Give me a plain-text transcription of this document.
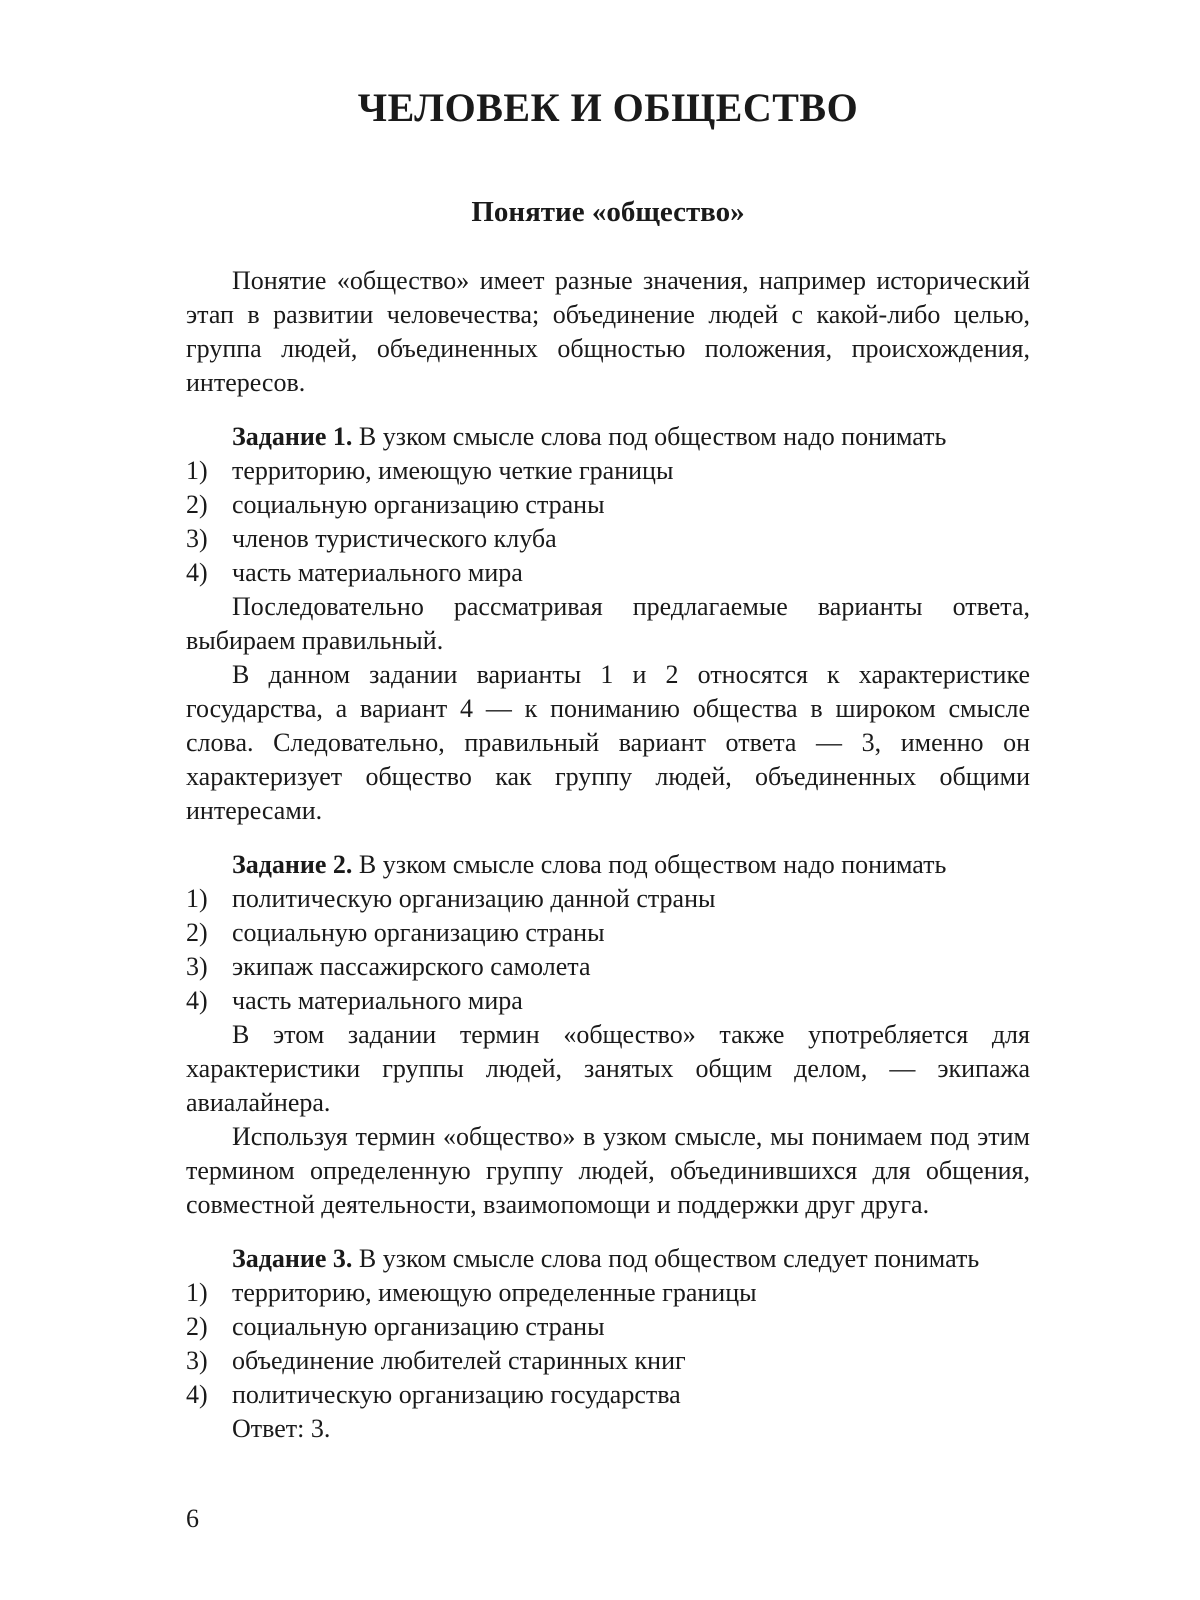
ЧЕЛОВЕК И ОБЩЕСТВО
Понятие «общество»

Понятие «общество» имеет разные значения, например исторический этап в развитии человечества; объединение людей с какой-либо целью, группа людей, объединенных общностью положения, происхождения, интересов.

Задание 1. В узком смысле слова под обществом надо понимать

1) территорию, имеющую четкие границы
2) социальную организацию страны
3) членов туристического клуба
4) часть материального мира

Последовательно рассматривая предлагаемые варианты ответа, выбираем правильный.

В данном задании варианты 1 и 2 относятся к характеристике государства, а вариант 4 — к пониманию общества в широком смысле слова. Следовательно, правильный вариант ответа — 3, именно он характеризует общество как группу людей, объединенных общими интересами.

Задание 2. В узком смысле слова под обществом надо понимать

1) политическую организацию данной страны
2) социальную организацию страны
3) экипаж пассажирского самолета
4) часть материального мира

В этом задании термин «общество» также употребляется для характеристики группы людей, занятых общим делом, — экипажа авиалайнера.

Используя термин «общество» в узком смысле, мы понимаем под этим термином определенную группу людей, объединившихся для общения, совместной деятельности, взаимопомощи и поддержки друг друга.

Задание 3. В узком смысле слова под обществом следует понимать

1) территорию, имеющую определенные границы
2) социальную организацию страны
3) объединение любителей старинных книг
4) политическую организацию государства

Ответ: 3.

6
